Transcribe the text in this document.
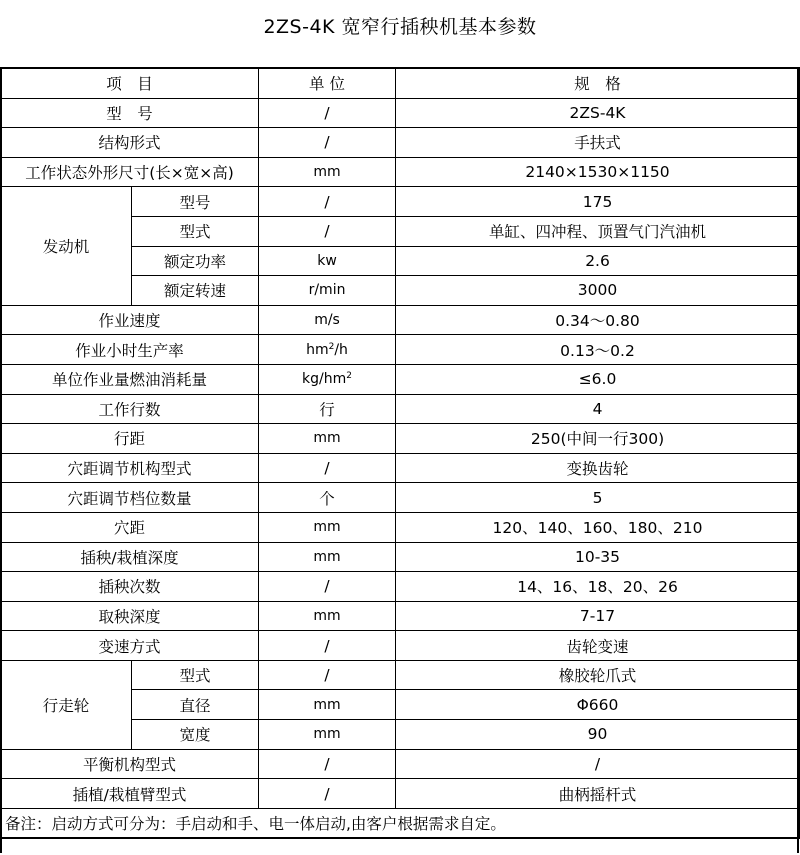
2ZS-4K 宽窄行插秧机基本参数
项　目		单 位	规　格
型　号		/	2ZS-4K
结构形式		/	手扶式
工作状态外形尺寸(长×宽×高)		mm	2140×1530×1150
发动机	型号	/	175
	型式	/	单缸、四冲程、顶置气门汽油机
	额定功率	kw	2.6
	额定转速	r/min	3000
作业速度		m/s	0.34～0.80
作业小时生产率		$hm^2/h$	0.13～0.2
单位作业量燃油消耗量		$kg/hm^2$	≤6.0
工作行数		行	4
行距		mm	250(中间一行300)
穴距调节机构型式		/	变换齿轮
穴距调节档位数量		个	5
穴距		mm	120、140、160、180、210
插秧/栽植深度		mm	10-35
插秧次数		/	14、16、18、20、26
取秧深度		mm	7-17
变速方式		/	齿轮变速
行走轮	型式	/	橡胶轮爪式
	直径	mm	Φ660
	宽度	mm	90
平衡机构型式		/	/
插植/栽植臂型式		/	曲柄摇杆式
备注：启动方式可分为：手启动和手、电一体启动,由客户根据需求自定。			
